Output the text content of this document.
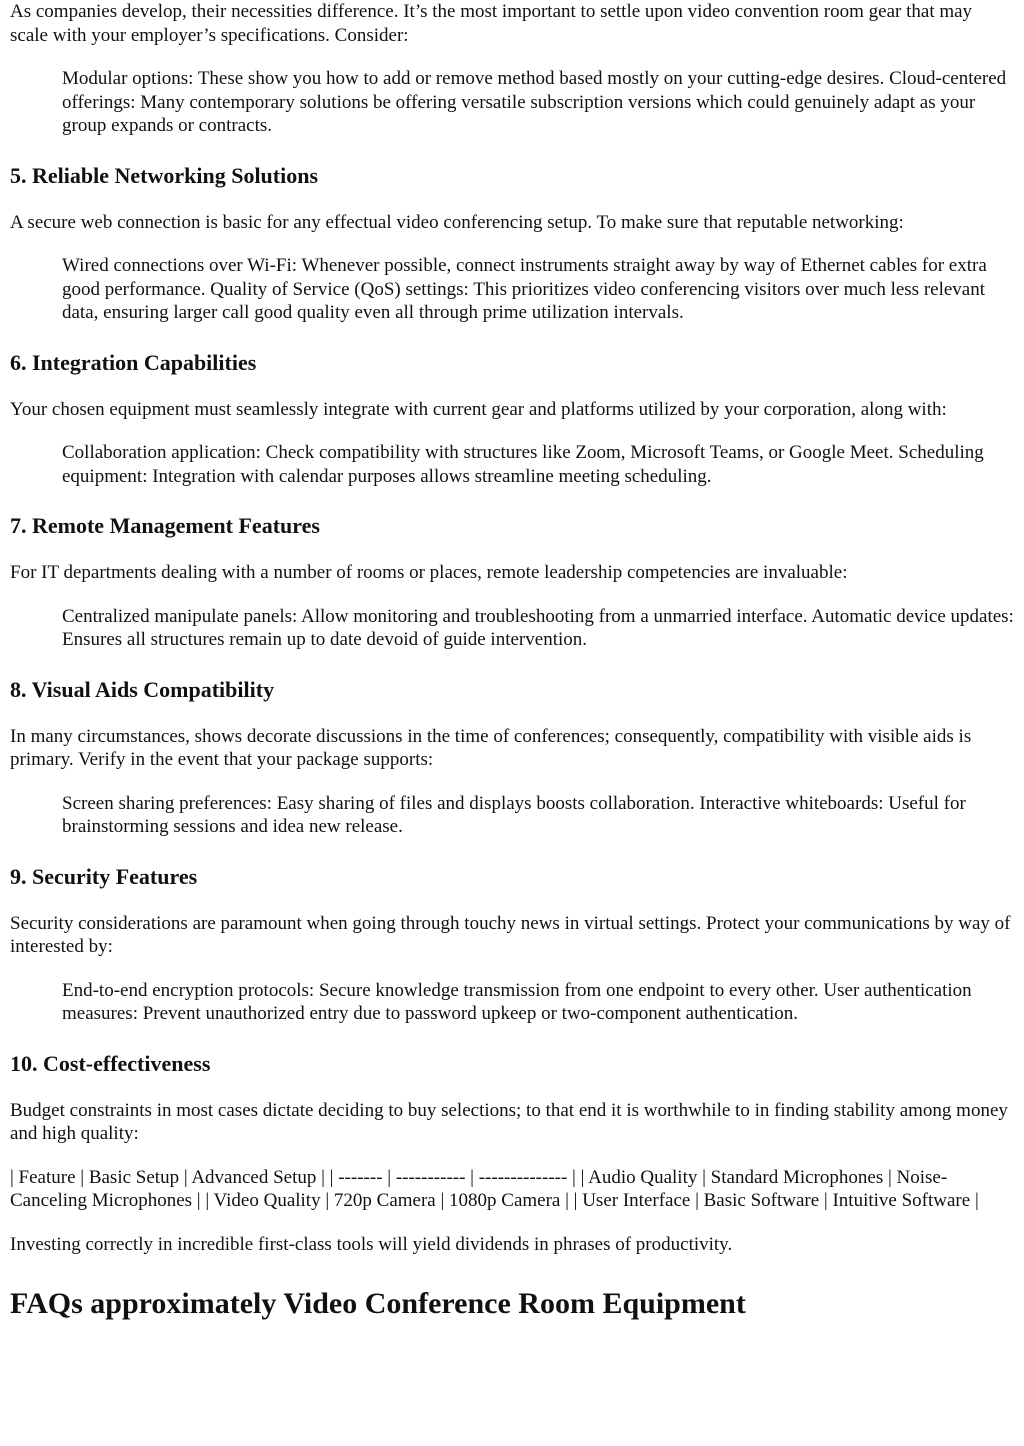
As companies develop, their necessities difference. It’s the most important to settle upon video convention room gear that may scale with your employer’s specifications. Consider:

Modular options: These show you how to add or remove method based mostly on your cutting-edge desires. Cloud-centered offerings: Many contemporary solutions be offering versatile subscription versions which could genuinely adapt as your group expands or contracts.
5. Reliable Networking Solutions

A secure web connection is basic for any effectual video conferencing setup. To make sure that reputable networking:

Wired connections over Wi-Fi: Whenever possible, connect instruments straight away by way of Ethernet cables for extra good performance. Quality of Service (QoS) settings: This prioritizes video conferencing visitors over much less relevant data, ensuring larger call good quality even all through prime utilization intervals.
6. Integration Capabilities

Your chosen equipment must seamlessly integrate with current gear and platforms utilized by your corporation, along with:

Collaboration application: Check compatibility with structures like Zoom, Microsoft Teams, or Google Meet. Scheduling equipment: Integration with calendar purposes allows streamline meeting scheduling.
7. Remote Management Features

For IT departments dealing with a number of rooms or places, remote leadership competencies are invaluable:

Centralized manipulate panels: Allow monitoring and troubleshooting from a unmarried interface. Automatic device updates: Ensures all structures remain up to date devoid of guide intervention.
8. Visual Aids Compatibility

In many circumstances, shows decorate discussions in the time of conferences; consequently, compatibility with visible aids is primary. Verify in the event that your package supports:

Screen sharing preferences: Easy sharing of files and displays boosts collaboration. Interactive whiteboards: Useful for brainstorming sessions and idea new release.
9. Security Features

Security considerations are paramount when going through touchy news in virtual settings. Protect your communications by way of interested by:

End-to-end encryption protocols: Secure knowledge transmission from one endpoint to every other. User authentication measures: Prevent unauthorized entry due to password upkeep or two-component authentication.
10. Cost-effectiveness

Budget constraints in most cases dictate deciding to buy selections; to that end it is worthwhile to in finding stability among money and high quality:

| Feature | Basic Setup | Advanced Setup | | ------- | ----------- | -------------- | | Audio Quality | Standard Microphones | Noise-Canceling Microphones | | Video Quality | 720p Camera | 1080p Camera | | User Interface | Basic Software | Intuitive Software |

Investing correctly in incredible first-class tools will yield dividends in phrases of productivity.

FAQs approximately Video Conference Room Equipment
